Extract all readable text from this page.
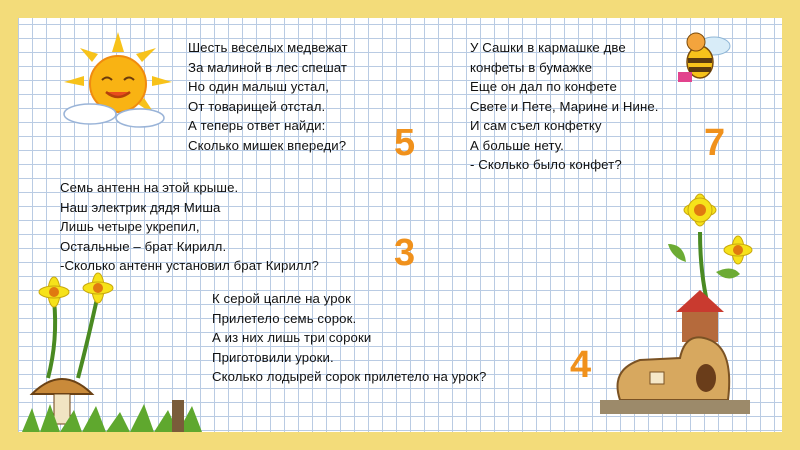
Шесть веселых медвежат
За малиной в лес спешат
Но один малыш устал,
От товарищей отстал.
А теперь ответ найди:
Сколько мишек впереди? 5
У Сашки в кармашке две
конфеты в бумажке
Еще он дал по конфете
Свете и Пете, Марине и Нине.
И сам съел конфетку
А больше нету.
- Сколько было конфет?
7
Семь антенн на этой крыше.
Наш электрик дядя Миша
Лишь четыре укрепил,
Остальные – брат Кирилл.
-Сколько антенн установил брат Кирилл? 3
К серой цапле на урок
Прилетело семь сорок.
А из них лишь три сороки
Приготовили уроки.
Сколько лодырей сорок прилетело на урок? 4
